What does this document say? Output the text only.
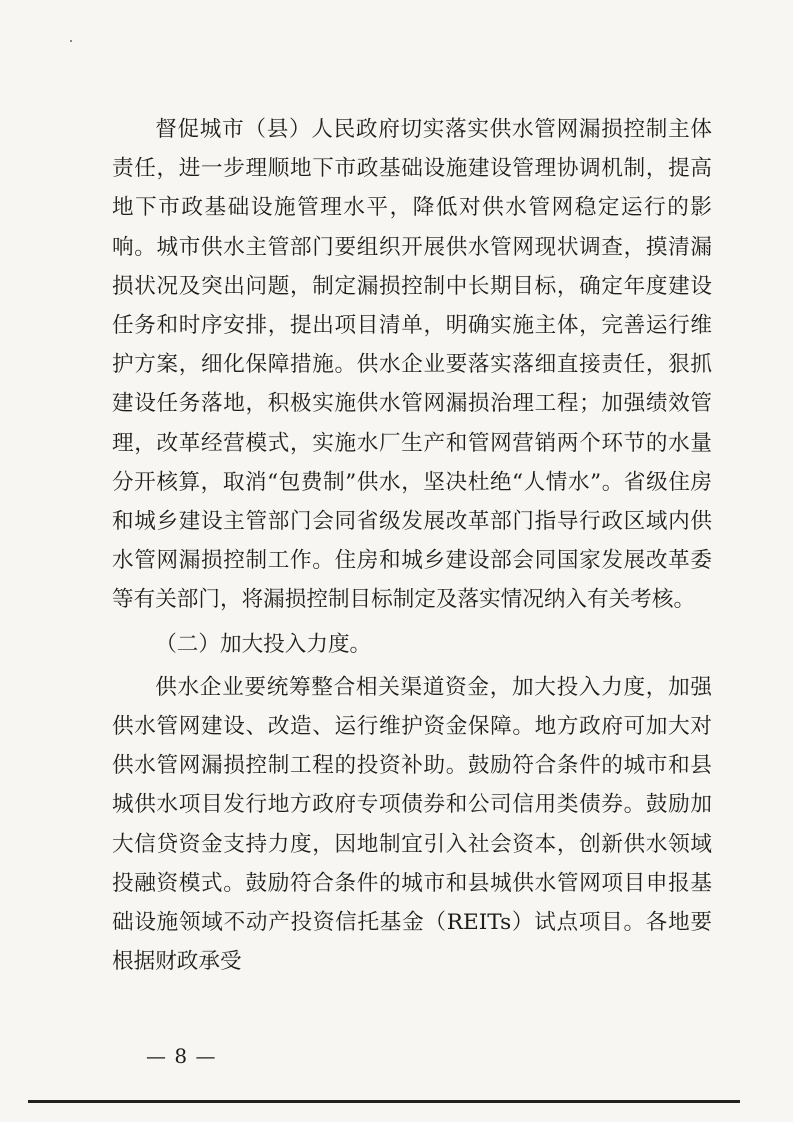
督促城市（县）人民政府切实落实供水管网漏损控制主体责任，进一步理顺地下市政基础设施建设管理协调机制，提高地下市政基础设施管理水平，降低对供水管网稳定运行的影响。城市供水主管部门要组织开展供水管网现状调查，摸清漏损状况及突出问题，制定漏损控制中长期目标，确定年度建设任务和时序安排，提出项目清单，明确实施主体，完善运行维护方案，细化保障措施。供水企业要落实落细直接责任，狠抓建设任务落地，积极实施供水管网漏损治理工程；加强绩效管理，改革经营模式，实施水厂生产和管网营销两个环节的水量分开核算，取消“包费制”供水，坚决杜绝“人情水”。省级住房和城乡建设主管部门会同省级发展改革部门指导行政区域内供水管网漏损控制工作。住房和城乡建设部会同国家发展改革委等有关部门，将漏损控制目标制定及落实情况纳入有关考核。

（二）加大投入力度。

供水企业要统筹整合相关渠道资金，加大投入力度，加强供水管网建设、改造、运行维护资金保障。地方政府可加大对供水管网漏损控制工程的投资补助。鼓励符合条件的城市和县城供水项目发行地方政府专项债券和公司信用类债券。鼓励加大信贷资金支持力度，因地制宜引入社会资本，创新供水领域投融资模式。鼓励符合条件的城市和县城供水管网项目申报基础设施领域不动产投资信托基金（REITs）试点项目。各地要根据财政承受

— 8 —
